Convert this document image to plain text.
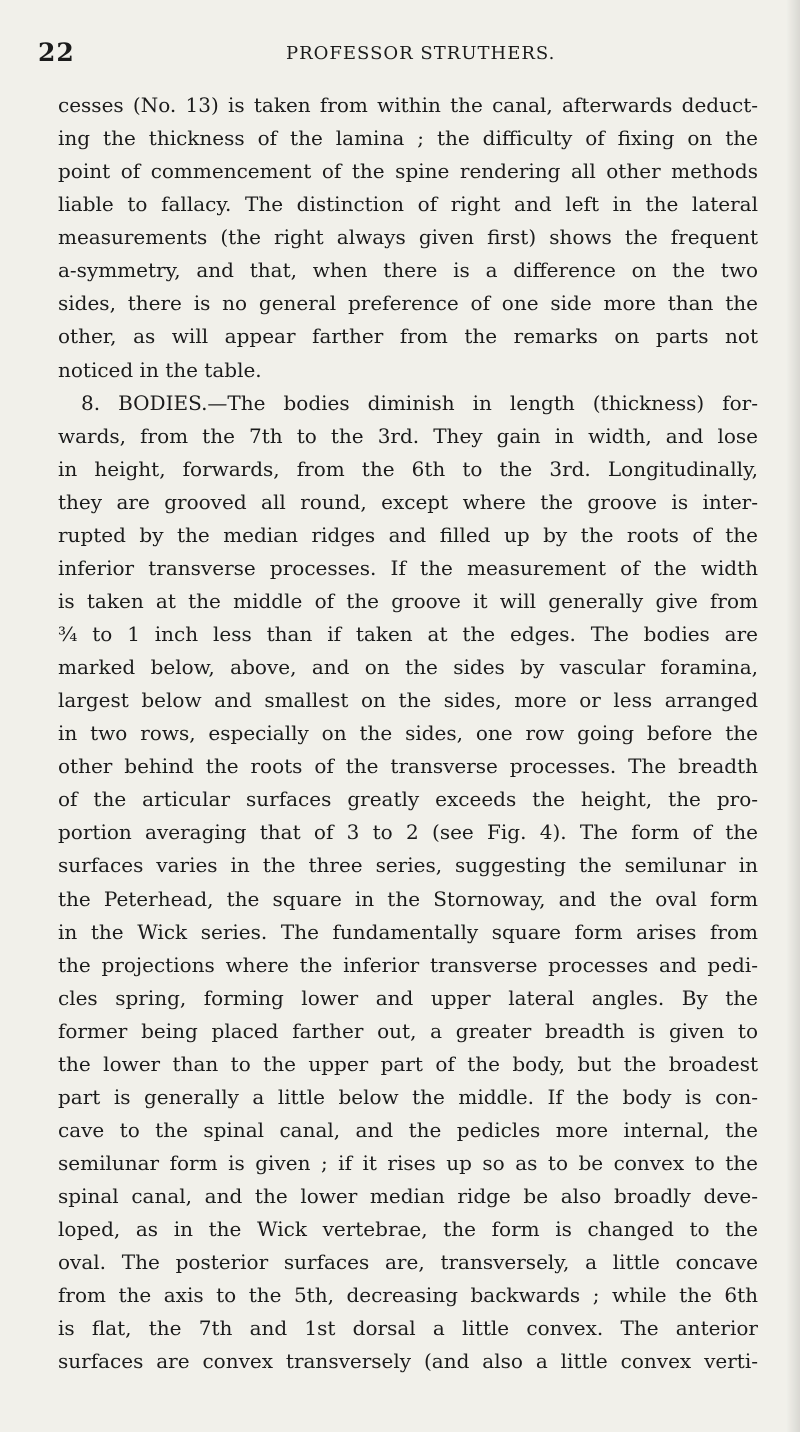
22	PROFESSOR STRUTHERS.
cesses (No. 13) is taken from within the canal, afterwards deduct-
ing the thickness of the lamina ; the difficulty of fixing on the
point of commencement of the spine rendering all other methods
liable to fallacy. The distinction of right and left in the lateral
measurements (the right always given first) shows the frequent
a-symmetry, and that, when there is a difference on the two
sides, there is no general preference of one side more than the
other, as will appear farther from the remarks on parts not
noticed in the table.
8. BODIES.—The bodies diminish in length (thickness) for-
wards, from the 7th to the 3rd. They gain in width, and lose
in height, forwards, from the 6th to the 3rd. Longitudinally,
they are grooved all round, except where the groove is inter-
rupted by the median ridges and filled up by the roots of the
inferior transverse processes. If the measurement of the width
is taken at the middle of the groove it will generally give from
¾ to 1 inch less than if taken at the edges. The bodies are
marked below, above, and on the sides by vascular foramina,
largest below and smallest on the sides, more or less arranged
in two rows, especially on the sides, one row going before the
other behind the roots of the transverse processes. The breadth
of the articular surfaces greatly exceeds the height, the pro-
portion averaging that of 3 to 2 (see Fig. 4). The form of the
surfaces varies in the three series, suggesting the semilunar in
the Peterhead, the square in the Stornoway, and the oval form
in the Wick series. The fundamentally square form arises from
the projections where the inferior transverse processes and pedi-
cles spring, forming lower and upper lateral angles. By the
former being placed farther out, a greater breadth is given to
the lower than to the upper part of the body, but the broadest
part is generally a little below the middle. If the body is con-
cave to the spinal canal, and the pedicles more internal, the
semilunar form is given ; if it rises up so as to be convex to the
spinal canal, and the lower median ridge be also broadly deve-
loped, as in the Wick vertebrae, the form is changed to the
oval. The posterior surfaces are, transversely, a little concave
from the axis to the 5th, decreasing backwards ; while the 6th
is flat, the 7th and 1st dorsal a little convex. The anterior
surfaces are convex transversely (and also a little convex verti-
